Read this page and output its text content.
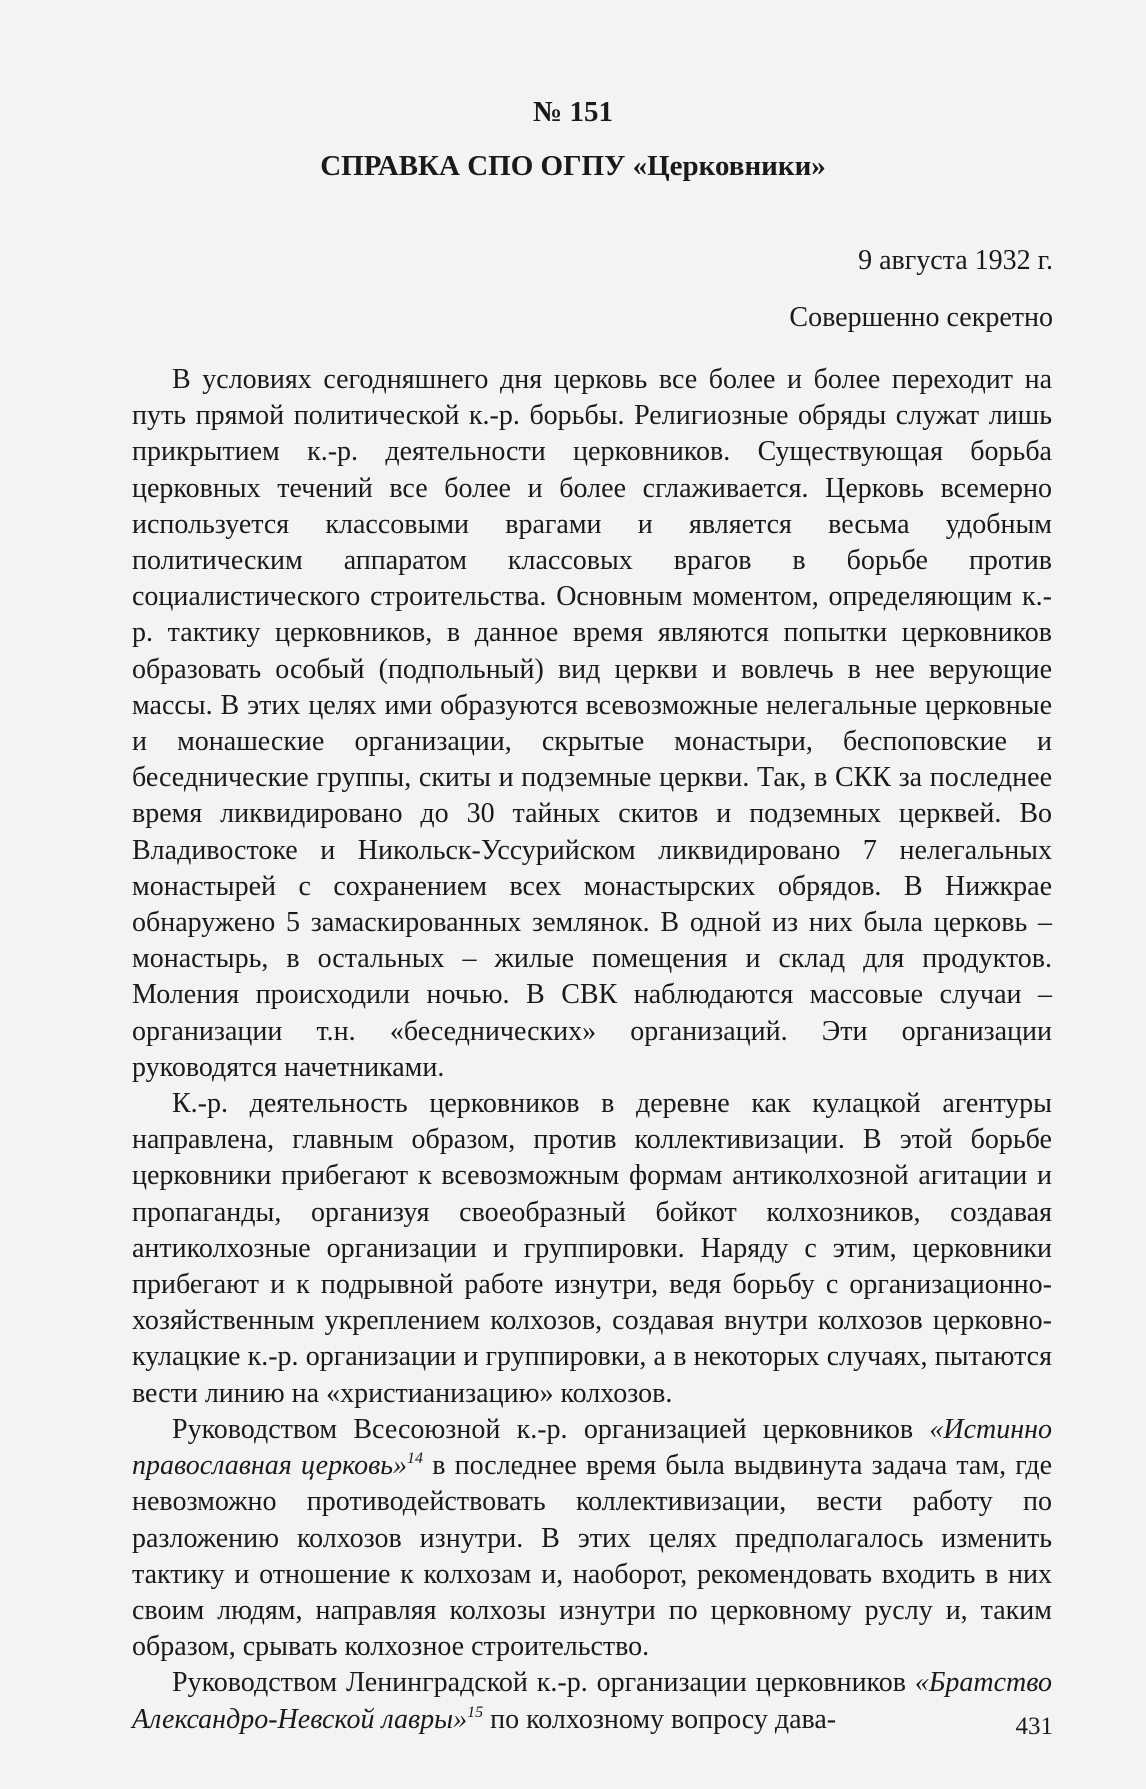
№ 151
СПРАВКА СПО ОГПУ «Церковники»
9 августа 1932 г.
Совершенно секретно

В условиях сегодняшнего дня церковь все более и более переходит на путь прямой политической к.-р. борьбы. Религиозные обряды служат лишь прикрытием к.-р. деятельности церковников. Существующая борьба церковных течений все более и более сглаживается. Церковь всемерно используется классовыми врагами и является весьма удобным политическим аппаратом классовых врагов в борьбе против социалистического строительства. Основным моментом, определяющим к.-р. тактику церковников, в данное время являются попытки церковников образовать особый (подпольный) вид церкви и вовлечь в нее верующие массы. В этих целях ими образуются всевозможные нелегальные церковные и монашеские организации, скрытые монастыри, беспоповские и беседнические группы, скиты и подземные церкви. Так, в СКК за последнее время ликвидировано до 30 тайных скитов и подземных церквей. Во Владивостоке и Никольск-Уссурийском ликвидировано 7 нелегальных монастырей с сохранением всех монастырских обрядов. В Нижкрае обнаружено 5 замаскированных землянок. В одной из них была церковь – монастырь, в остальных – жилые помещения и склад для продуктов. Моления происходили ночью. В СВК наблюдаются массовые случаи – организации т.н. «беседнических» организаций. Эти организации руководятся начетниками.

К.-р. деятельность церковников в деревне как кулацкой агентуры направлена, главным образом, против коллективизации. В этой борьбе церковники прибегают к всевозможным формам антиколхозной агитации и пропаганды, организуя своеобразный бойкот колхозников, создавая антиколхозные организации и группировки. Наряду с этим, церковники прибегают и к подрывной работе изнутри, ведя борьбу с организационно-хозяйственным укреплением колхозов, создавая внутри колхозов церковно-кулацкие к.-р. организации и группировки, а в некоторых случаях, пытаются вести линию на «христианизацию» колхозов.

Руководством Всесоюзной к.-р. организацией церковников «Истинно православная церковь»$^{14}$ в последнее время была выдвинута задача там, где невозможно противодействовать коллективизации, вести работу по разложению колхозов изнутри. В этих целях предполагалось изменить тактику и отношение к колхозам и, наоборот, рекомендовать входить в них своим людям, направляя колхозы изнутри по церковному руслу и, таким образом, срывать колхозное строительство.

Руководством Ленинградской к.-р. организации церковников «Братство Александро-Невской лавры»$^{15}$ по колхозному вопросу дава-	431
